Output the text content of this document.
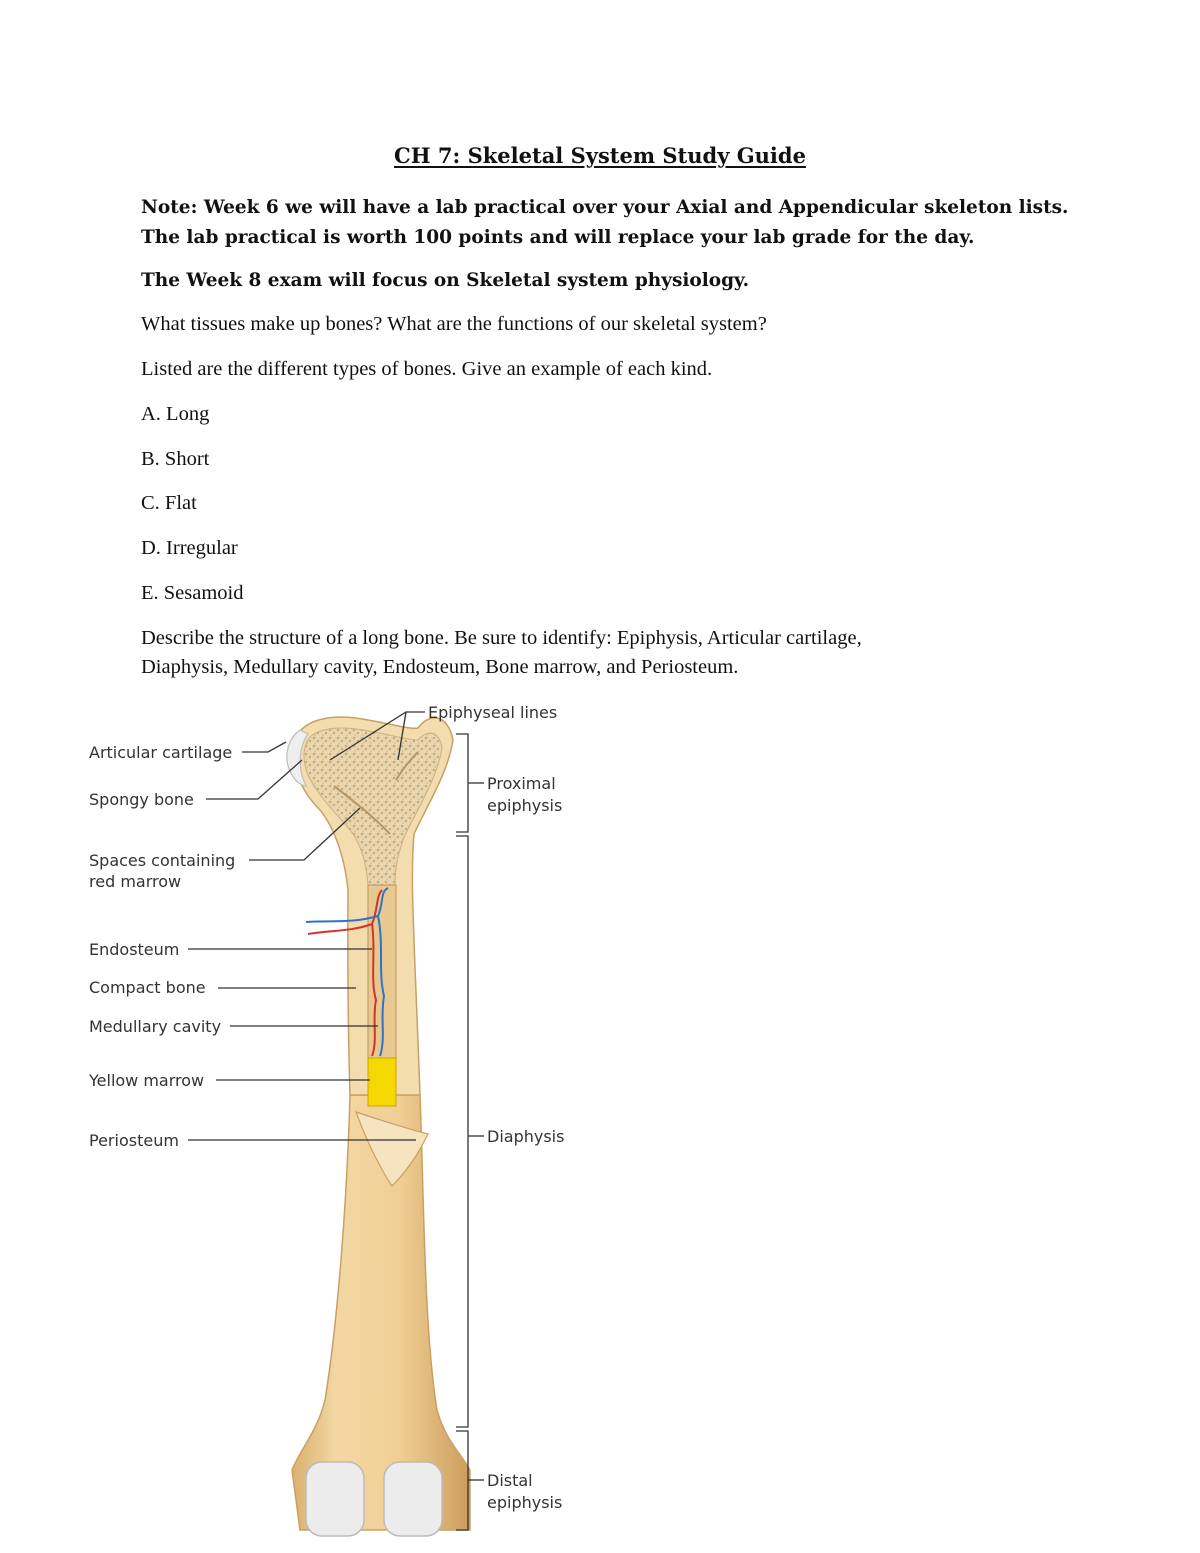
CH 7: Skeletal System Study Guide
Note: Week 6 we will have a lab practical over your Axial and Appendicular skeleton lists.
The lab practical is worth 100 points and will replace your lab grade for the day.
The Week 8 exam will focus on Skeletal system physiology.
What tissues make up bones? What are the functions of our skeletal system?
Listed are the different types of bones. Give an example of each kind.
A. Long
B. Short
C. Flat
D. Irregular
E. Sesamoid
Describe the structure of a long bone. Be sure to identify: Epiphysis, Articular cartilage,
Diaphysis, Medullary cavity, Endosteum, Bone marrow, and Periosteum.
Articular cartilage
Spongy bone
Spaces containing
red marrow
Endosteum
Compact bone
Medullary cavity
Yellow marrow
Periosteum
Epiphyseal lines
Proximal
epiphysis
Diaphysis
Distal
epiphysis
